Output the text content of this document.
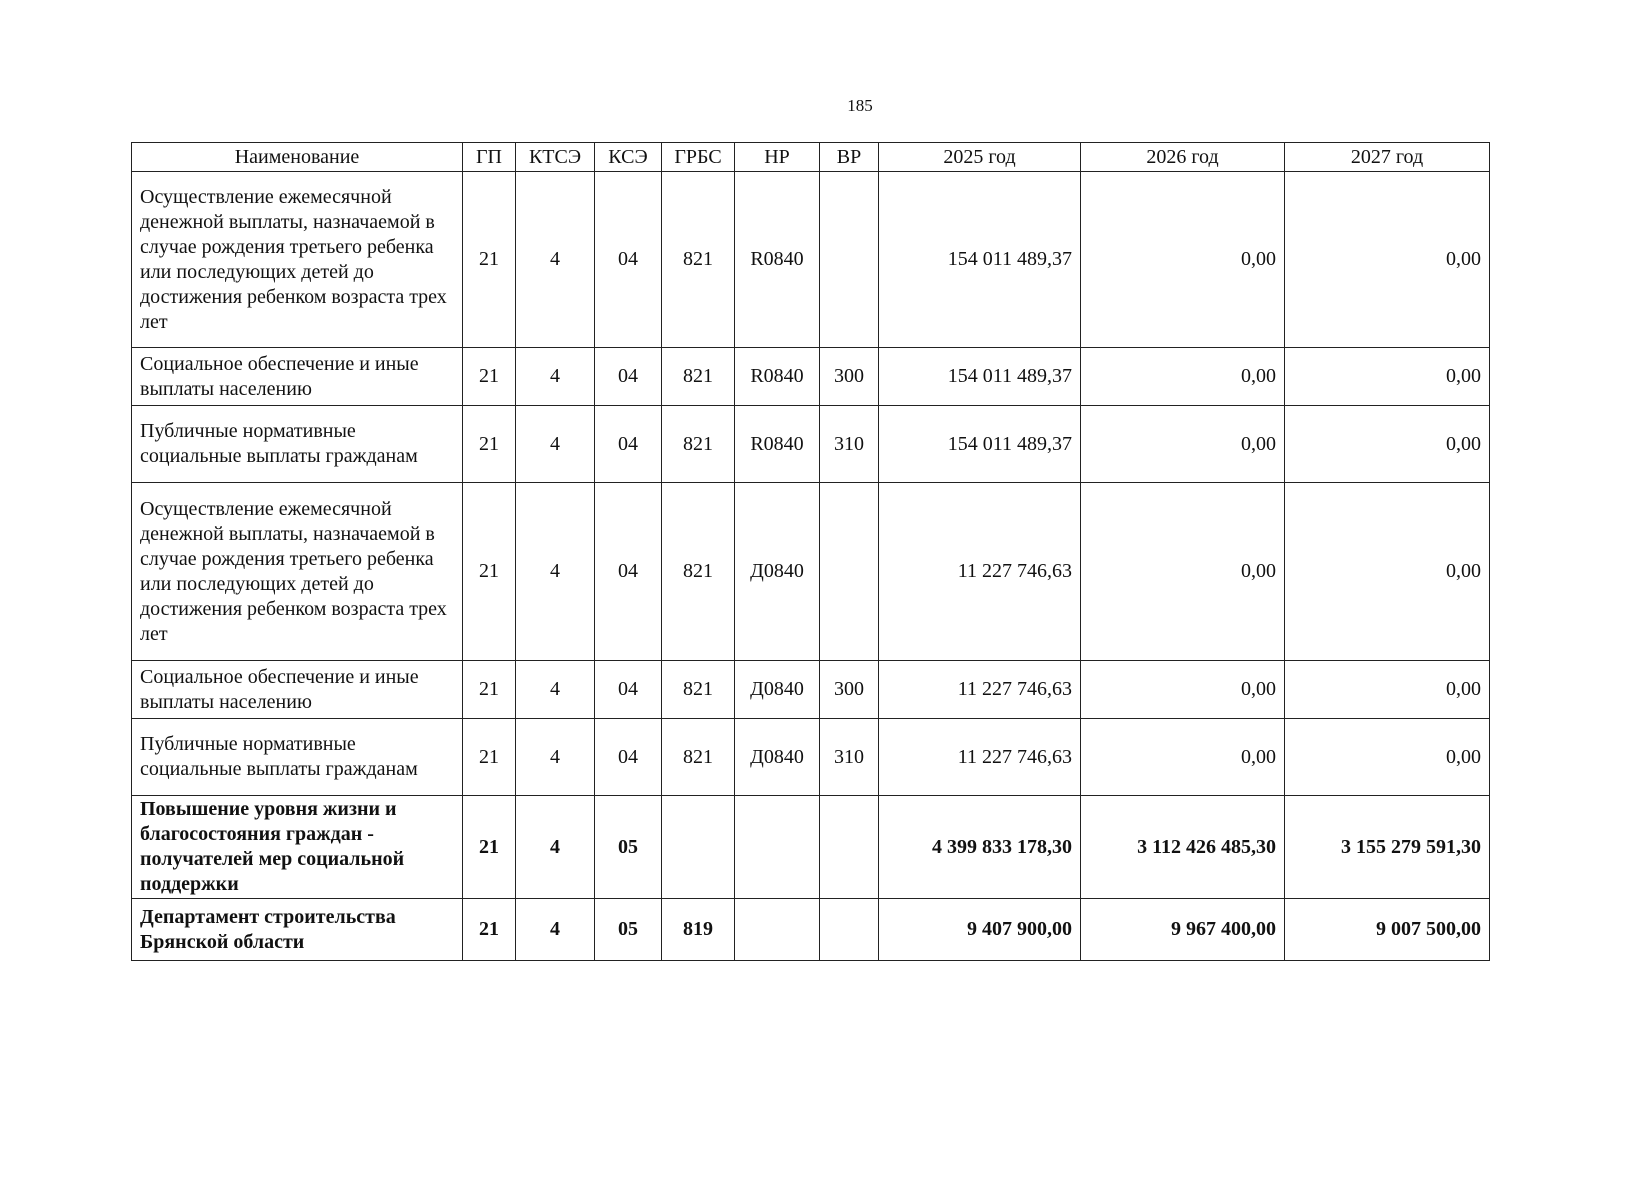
185
Наименование	ГП	КТСЭ	КСЭ	ГРБС	НР	ВР	2025 год	2026 год	2027 год
Осуществление ежемесячной денежной выплаты, назначаемой в случае рождения третьего ребенка или последующих детей до достижения ребенком возраста трех лет	21	4	04	821	R0840		154 011 489,37	0,00	0,00
Социальное обеспечение и иные выплаты населению	21	4	04	821	R0840	300	154 011 489,37	0,00	0,00
Публичные нормативные социальные выплаты гражданам	21	4	04	821	R0840	310	154 011 489,37	0,00	0,00
Осуществление ежемесячной денежной выплаты, назначаемой в случае рождения третьего ребенка или последующих детей до достижения ребенком возраста трех лет	21	4	04	821	Д0840		11 227 746,63	0,00	0,00
Социальное обеспечение и иные выплаты населению	21	4	04	821	Д0840	300	11 227 746,63	0,00	0,00
Публичные нормативные социальные выплаты гражданам	21	4	04	821	Д0840	310	11 227 746,63	0,00	0,00
Повышение уровня жизни и благосостояния граждан - получателей мер социальной поддержки	21	4	05				4 399 833 178,30	3 112 426 485,30	3 155 279 591,30
Департамент строительства Брянской области	21	4	05	819			9 407 900,00	9 967 400,00	9 007 500,00
